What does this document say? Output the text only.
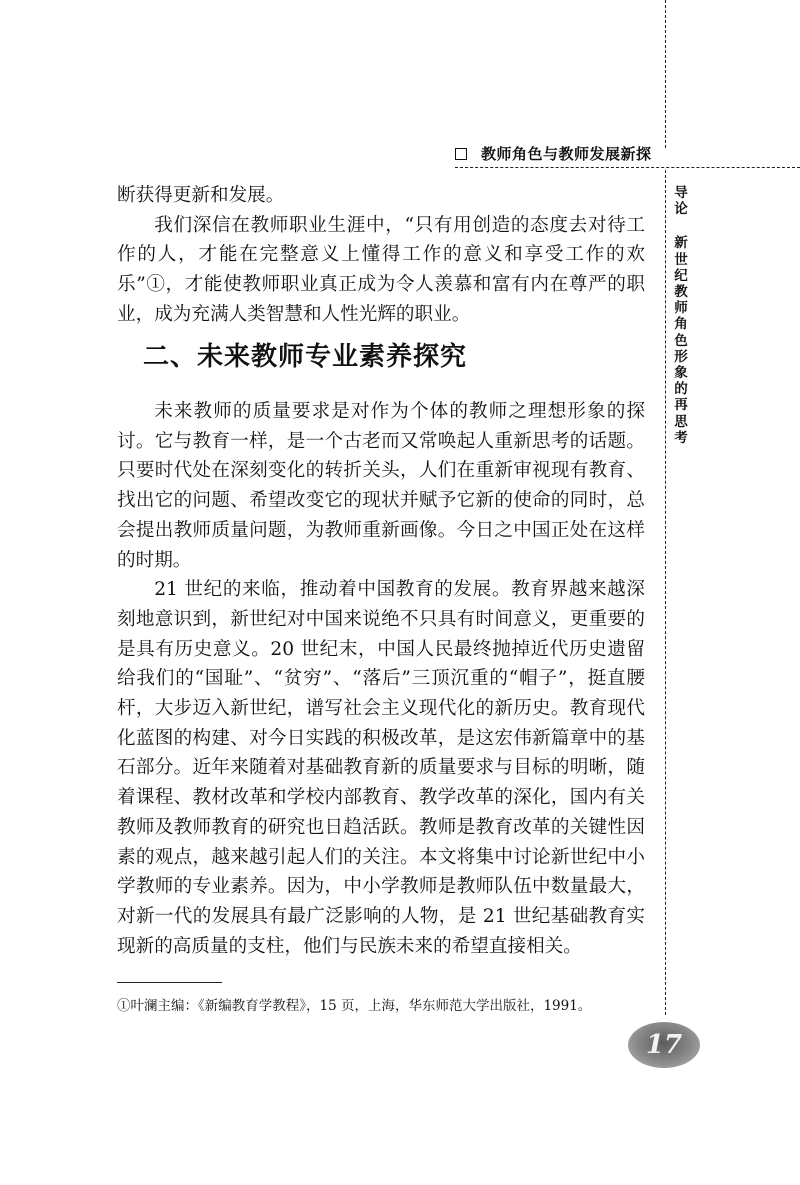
教师角色与教师发展新探
导论
新世纪教师角色形象的再思考

断获得更新和发展。

我们深信在教师职业生涯中，“只有用创造的态度去对待工作的人，才能在完整意义上懂得工作的意义和享受工作的欢乐”①，才能使教师职业真正成为令人羡慕和富有内在尊严的职业，成为充满人类智慧和人性光辉的职业。

二、未来教师专业素养探究

未来教师的质量要求是对作为个体的教师之理想形象的探讨。它与教育一样，是一个古老而又常唤起人重新思考的话题。只要时代处在深刻变化的转折关头，人们在重新审视现有教育、找出它的问题、希望改变它的现状并赋予它新的使命的同时，总会提出教师质量问题，为教师重新画像。今日之中国正处在这样的时期。

21 世纪的来临，推动着中国教育的发展。教育界越来越深刻地意识到，新世纪对中国来说绝不只具有时间意义，更重要的是具有历史意义。20 世纪末，中国人民最终抛掉近代历史遗留给我们的“国耻”、“贫穷”、“落后”三顶沉重的“帽子”，挺直腰杆，大步迈入新世纪，谱写社会主义现代化的新历史。教育现代化蓝图的构建、对今日实践的积极改革，是这宏伟新篇章中的基石部分。近年来随着对基础教育新的质量要求与目标的明晰，随着课程、教材改革和学校内部教育、教学改革的深化，国内有关教师及教师教育的研究也日趋活跃。教师是教育改革的关键性因素的观点，越来越引起人们的关注。本文将集中讨论新世纪中小学教师的专业素养。因为，中小学教师是教师队伍中数量最大，对新一代的发展具有最广泛影响的人物，是 21 世纪基础教育实现新的高质量的支柱，他们与民族未来的希望直接相关。

①叶澜主编：《新编教育学教程》，15 页，上海，华东师范大学出版社，1991。
17
